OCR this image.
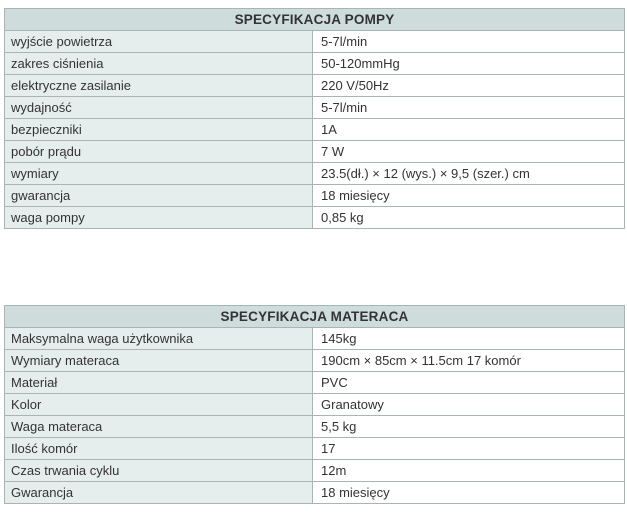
SPECYFIKACJA POMPY	
wyjście powietrza	5-7l/min
zakres ciśnienia	50-120mmHg
elektryczne zasilanie	220 V/50Hz
wydajność	5-7l/min
bezpieczniki	1A
pobór prądu	7 W
wymiary	23.5(dł.) × 12 (wys.) × 9,5 (szer.) cm
gwarancja	18 miesięcy
waga pompy	0,85 kg
SPECYFIKACJA MATERACA	
Maksymalna waga użytkownika	145kg
Wymiary materaca	190cm × 85cm × 11.5cm 17 komór
Materiał	PVC
Kolor	Granatowy
Waga materaca	5,5 kg
Ilość komór	17
Czas trwania cyklu	12m
Gwarancja	18 miesięcy
